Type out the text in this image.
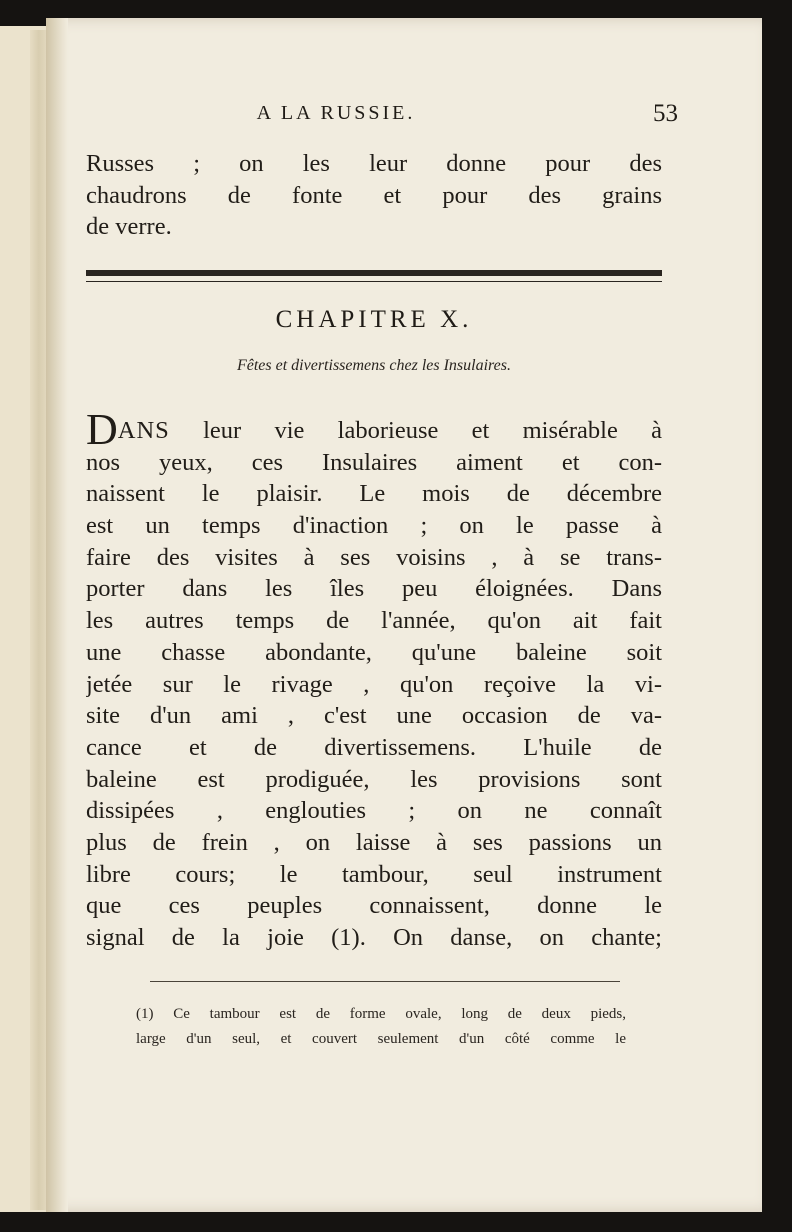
A LA RUSSIE.	53
Russes ; on les leur donne pour des
chaudrons de fonte et pour des grains
de verre.
CHAPITRE X.
Fêtes et divertissemens chez les Insulaires.
DANS leur vie laborieuse et misérable à
nos yeux, ces Insulaires aiment et con-
naissent le plaisir. Le mois de décembre
est un temps d'inaction ; on le passe à
faire des visites à ses voisins , à se trans-
porter dans les îles peu éloignées. Dans
les autres temps de l'année, qu'on ait fait
une chasse abondante, qu'une baleine soit
jetée sur le rivage , qu'on reçoive la vi-
site d'un ami , c'est une occasion de va-
cance et de divertissemens. L'huile de
baleine est prodiguée, les provisions sont
dissipées , englouties ; on ne connaît
plus de frein , on laisse à ses passions un
libre cours; le tambour, seul instrument
que ces peuples connaissent, donne le
signal de la joie (1). On danse, on chante;
(1) Ce tambour est de forme ovale, long de deux pieds,
large d'un seul, et couvert seulement d'un côté comme le
